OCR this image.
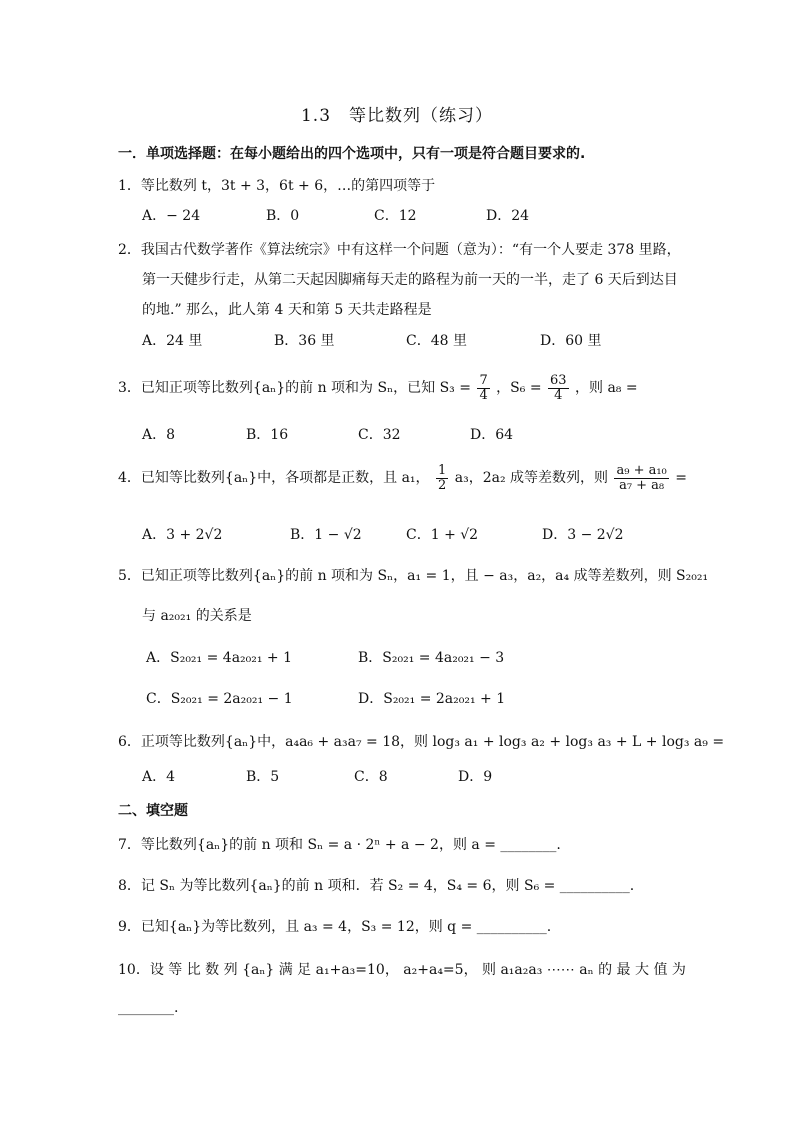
1.3　等比数列（练习）
一．单项选择题：在每小题给出的四个选项中，只有一项是符合题目要求的.
1．等比数列 t，3t + 3，6t + 6，…的第四项等于
A．− 24	B．0	C．12	D．24
2．我国古代数学著作《算法统宗》中有这样一个问题（意为）：“有一个人要走 378 里路，
第一天健步行走，从第二天起因脚痛每天走的路程为前一天的一半，走了 6 天后到达目
的地.” 那么，此人第 4 天和第 5 天共走路程是
A．24 里	B．36 里	C．48 里	D．60 里
3．已知正项等比数列{aₙ}的前 n 项和为 Sₙ，已知 $S_3 = \frac{7}{4}$ ，$S_6 = \frac{63}{4}$ ，则 a₈ =
A．8	B．16	C．32	D．64
4．已知等比数列{aₙ}中，各项都是正数，且 a₁， $\frac{1}{2} a_3$，2a₂ 成等差数列，则 $\frac{\text{a₉ + a₁₀}}{\text{a₇ + a₈}}$ =
A．3 + 2√2	B．1 − √2	C．1 + √2	D．3 − 2√2
5．已知正项等比数列{aₙ}的前 n 项和为 Sₙ，a₁ = 1，且 − a₃，a₂，a₄ 成等差数列，则 S₂₀₂₁
与 a₂₀₂₁ 的关系是
A．S₂₀₂₁ = 4a₂₀₂₁ + 1	B．S₂₀₂₁ = 4a₂₀₂₁ − 3
C．S₂₀₂₁ = 2a₂₀₂₁ − 1	D．S₂₀₂₁ = 2a₂₀₂₁ + 1
6．正项等比数列{aₙ}中，a₄a₆ + a₃a₇ = 18，则 log₃ a₁ + log₃ a₂ + log₃ a₃ + L + log₃ a₉ =
A．4	B．5	C．8	D．9
二、填空题
7．等比数列{aₙ}的前 n 项和 Sₙ = a · 2ⁿ + a − 2，则 a = ________.
8．记 Sₙ 为等比数列{aₙ}的前 n 项和．若 S₂ = 4，S₄ = 6，则 S₆ = __________.
9．已知{aₙ}为等比数列，且 a₃ = 4，S₃ = 12，则 q = __________.
10．设 等 比 数 列 {aₙ} 满 足 a₁+a₃=10， a₂+a₄=5， 则 a₁a₂a₃ ⋯⋯ aₙ 的 最 大 值 为
________.
